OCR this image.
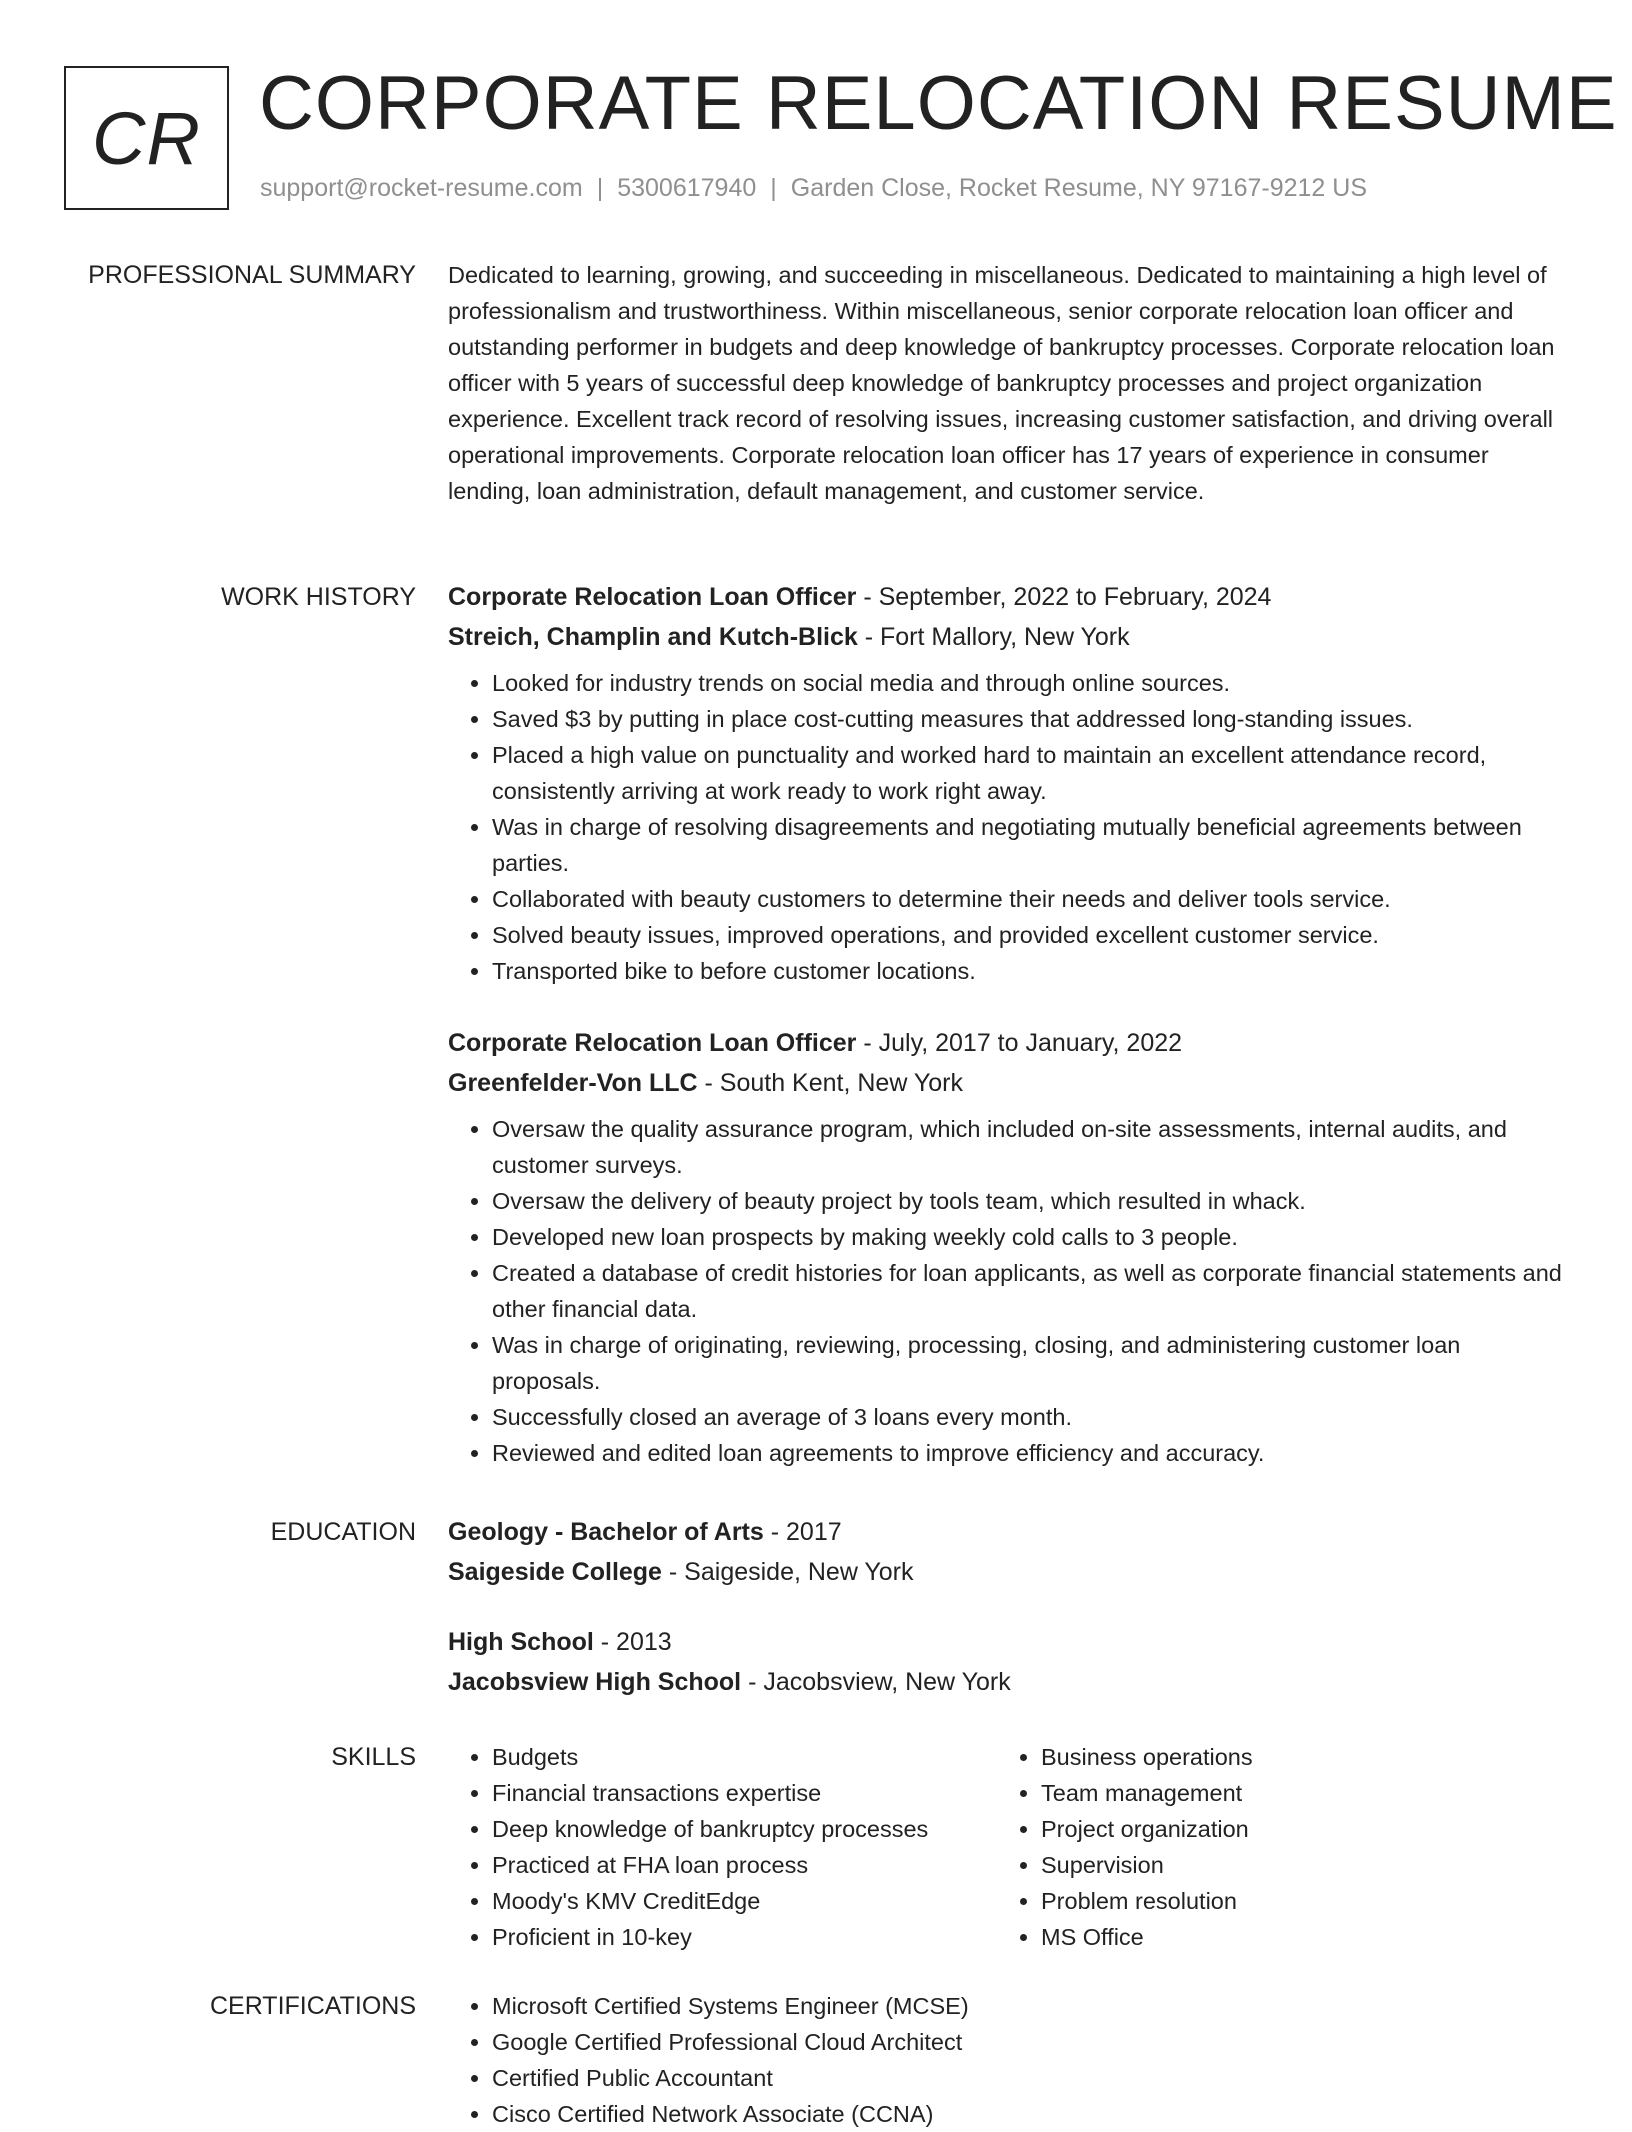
CR CORPORATE RELOCATION RESUME
support@rocket-resume.com | 5300617940 | Garden Close, Rocket Resume, NY 97167-9212 US
PROFESSIONAL SUMMARY Dedicated to learning, growing, and succeeding in miscellaneous. Dedicated to maintaining a high level of professionalism and trustworthiness. Within miscellaneous, senior corporate relocation loan officer and outstanding performer in budgets and deep knowledge of bankruptcy processes. Corporate relocation loan officer with 5 years of successful deep knowledge of bankruptcy processes and project organization experience. Excellent track record of resolving issues, increasing customer satisfaction, and driving overall operational improvements. Corporate relocation loan officer has 17 years of experience in consumer lending, loan administration, default management, and customer service.

WORK HISTORY Corporate Relocation Loan Officer - September, 2022 to February, 2024

Streich, Champlin and Kutch-Blick - Fort Mallory, New York

• Looked for industry trends on social media and through online sources.
• Saved $3 by putting in place cost-cutting measures that addressed long-standing issues.
• Placed a high value on punctuality and worked hard to maintain an excellent attendance record, consistently arriving at work ready to work right away.
• Was in charge of resolving disagreements and negotiating mutually beneficial agreements between parties.
• Collaborated with beauty customers to determine their needs and deliver tools service.
• Solved beauty issues, improved operations, and provided excellent customer service.
• Transported bike to before customer locations.

Corporate Relocation Loan Officer - July, 2017 to January, 2022

Greenfelder-Von LLC - South Kent, New York

• Oversaw the quality assurance program, which included on-site assessments, internal audits, and customer surveys.
• Oversaw the delivery of beauty project by tools team, which resulted in whack.
• Developed new loan prospects by making weekly cold calls to 3 people.
• Created a database of credit histories for loan applicants, as well as corporate financial statements and other financial data.
• Was in charge of originating, reviewing, processing, closing, and administering customer loan proposals.
• Successfully closed an average of 3 loans every month.
• Reviewed and edited loan agreements to improve efficiency and accuracy.
EDUCATION Geology - Bachelor of Arts - 2017

Saigeside College - Saigeside, New York

High School - 2013

Jacobsview High School - Jacobsview, New York

SKILLS	• Budgets
• Financial transactions expertise
• Deep knowledge of bankruptcy processes
• Practiced at FHA loan process
• Moody's KMV CreditEdge
• Proficient in 10-key
• Business operations
• Team management
• Project organization
• Supervision
• Problem resolution
• MS Office
CERTIFICATIONS	• Microsoft Certified Systems Engineer (MCSE)
• Google Certified Professional Cloud Architect
• Certified Public Accountant
• Cisco Certified Network Associate (CCNA)
